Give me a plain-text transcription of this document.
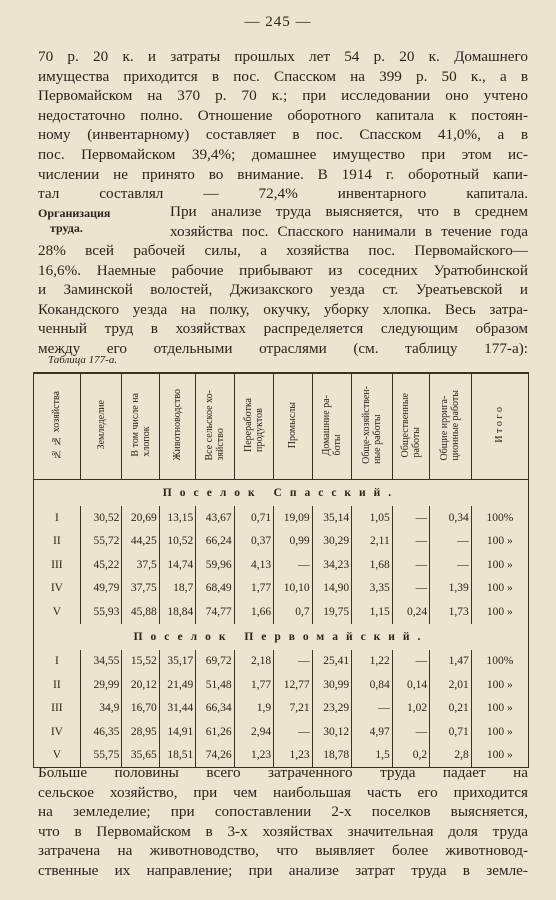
— 245 —

70 р. 20 к. и затраты прошлых лет 54 р. 20 к. Домашнего
имущества приходится в пос. Спасском на 399 р. 50 к., а в
Первомайском на 370 р. 70 к.; при исследовании оно учтено
недостаточно полно. Отношение оборотного капитала к постоян-
ному (инвентарному) составляет в пос. Спасском 41,0%, а в
пос. Первомайском 39,4%; домашнее имущество при этом ис-
числении не принято во внимание. В 1914 г. оборотный капи-
тал составлял — 72,4% инвентарного капитала.

Организация
труда.

При анализе труда выясняется, что в среднем
хозяйства пос. Спасского нанимали в течение года

28% всей рабочей силы, а хозяйства пос. Первомайского—
16,6%. Наемные рабочие прибывают из соседних Уратюбинской
и Заминской волостей, Джизакского уезда ст. Уреатьевской и
Кокандского уезда на полку, окучку, уборку хлопка. Весь затра-
ченный труд в хозяйствах распределяется следующим образом
между его отдельными отраслями (см. таблицу 177-а):

Таблица 177-а.
№ № хозяйства	Земледелие	В том числе на
хлопок	Животноводство	Все сельское хо-
зяйство	Переработка
продуктов	Промыслы	Домашние ра-
боты	Обще-хозяйствен-
ные работы	Общественные
работы	Общие ирригa-
ционные работы	И т о г о
Поселок Спасский.											
I	30,52	20,69	13,15	43,67	0,71	19,09	35,14	1,05	—	0,34	100%
II	55,72	44,25	10,52	66,24	0,37	0,99	30,29	2,11	—	—	100 »
III	45,22	37,5	14,74	59,96	4,13	—	34,23	1,68	—	—	100 »
IV	49,79	37,75	18,7	68,49	1,77	10,10	14,90	3,35	—	1,39	100 »
V	55,93	45,88	18,84	74,77	1,66	0,7	19,75	1,15	0,24	1,73	100 »
Поселок Первомайский.											
I	34,55	15,52	35,17	69,72	2,18	—	25,41	1,22	—	1,47	100%
II	29,99	20,12	21,49	51,48	1,77	12,77	30,99	0,84	0,14	2,01	100 »
III	34,9	16,70	31,44	66,34	1,9	7,21	23,29	—	1,02	0,21	100 »
IV	46,35	28,95	14,91	61,26	2,94	—	30,12	4,97	—	0,71	100 »
V	55,75	35,65	18,51	74,26	1,23	1,23	18,78	1,5	0,2	2,8	100 »

Больше половины всего затраченного труда падает на
сельское хозяйство, при чем наибольшая часть его приходится
на земледелие; при сопоставлении 2-х поселков выясняется,
что в Первомайском в 3-х хозяйствах значительная доля труда
затрачена на животноводство, что выявляет более животновод-
ственные их направление; при анализе затрат труда в земле-
